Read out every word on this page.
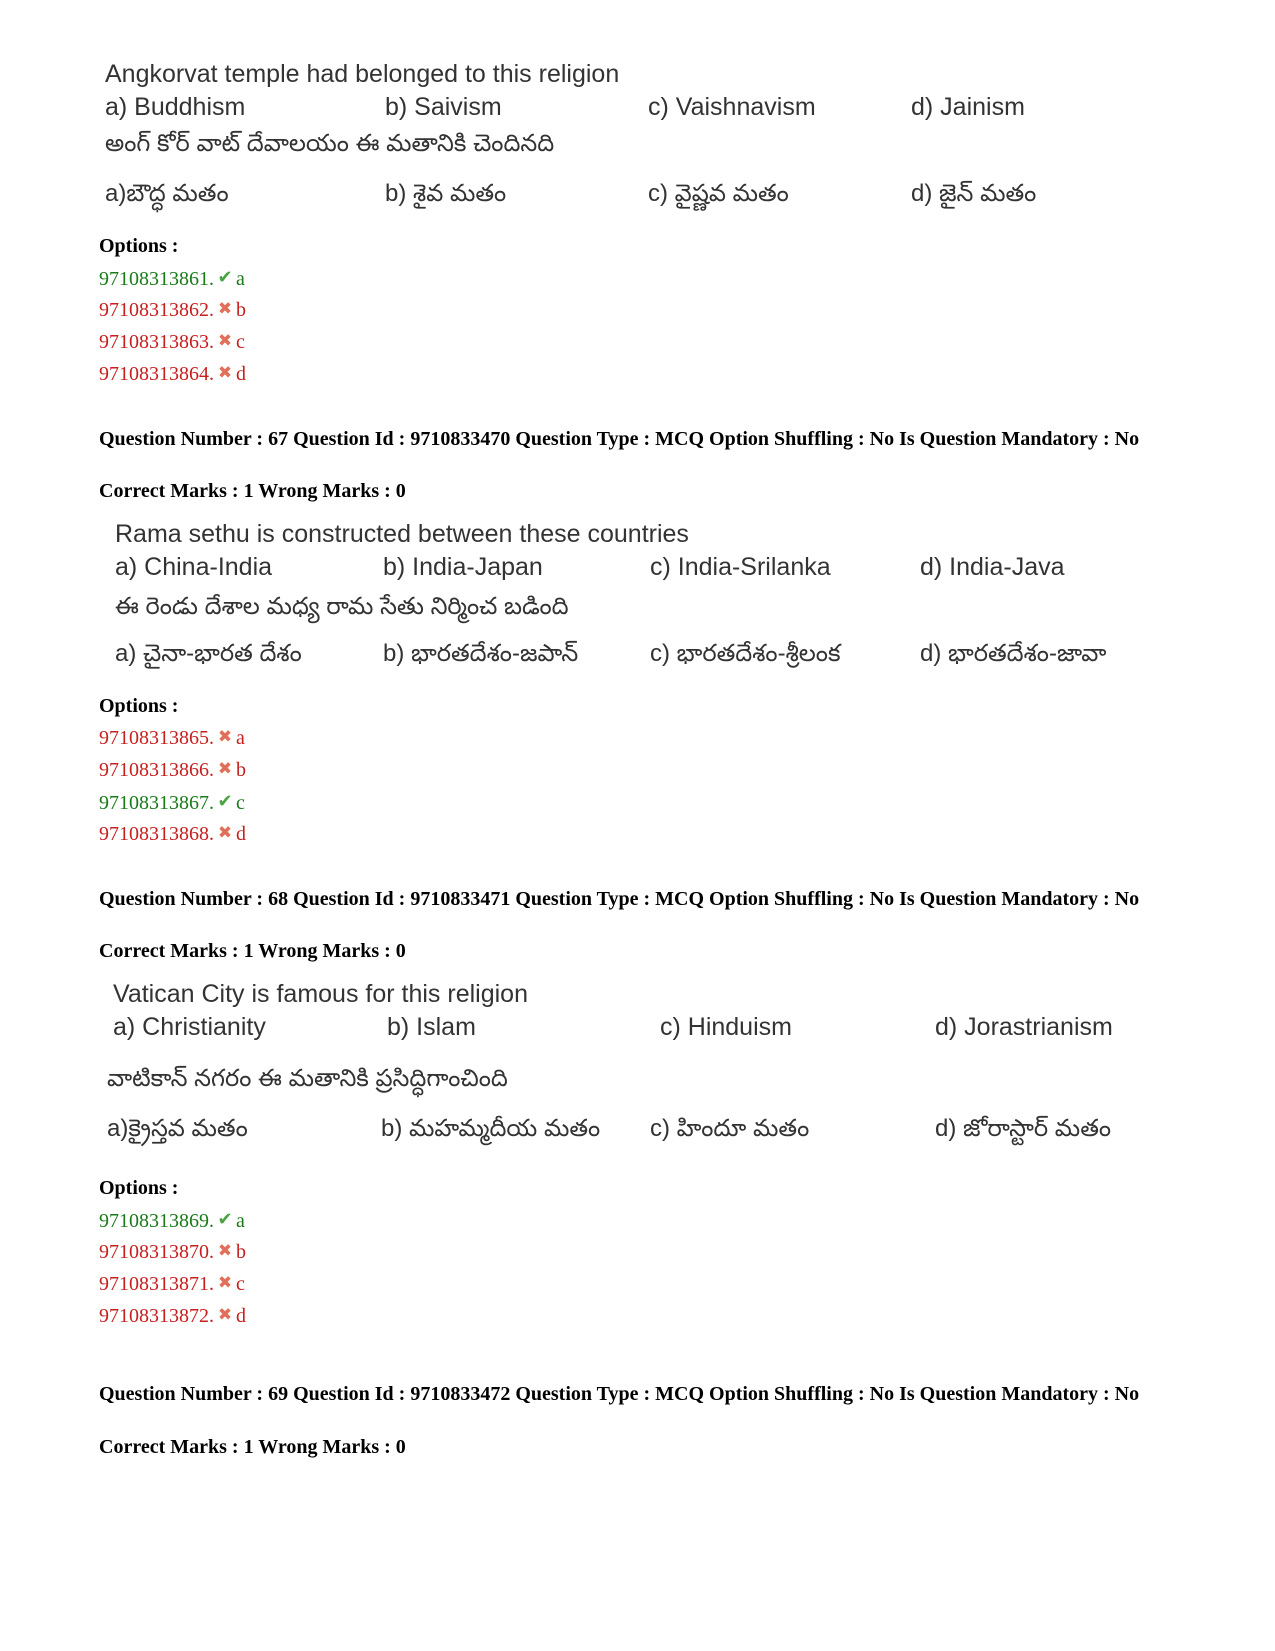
Angkorvat temple had belonged to this religion
a) Buddhism	b) Saivism	c) Vaishnavism	d) Jainism
అంగ్ కోర్ వాట్ దేవాలయం ఈ మతానికి చెందినది
a)బౌద్ధ మతం	b) శైవ మతం	c) వైష్ణవ మతం	d) జైన్ మతం
Options :
97108313861. ✔ a
97108313862. ✖ b
97108313863. ✖ c
97108313864. ✖ d
Question Number : 67 Question Id : 9710833470 Question Type : MCQ Option Shuffling : No Is Question Mandatory : No
Correct Marks : 1 Wrong Marks : 0
Rama sethu is constructed between these countries
a) China-India	b) India-Japan	c) India-Srilanka	d) India-Java
ఈ రెండు దేశాల మధ్య రామ సేతు నిర్మించ బడింది
a) చైనా-భారత దేశం	b) భారతదేశం-జపాన్	c) భారతదేశం-శ్రీలంక	d) భారతదేశం-జావా
Options :
97108313865. ✖ a
97108313866. ✖ b
97108313867. ✔ c
97108313868. ✖ d
Question Number : 68 Question Id : 9710833471 Question Type : MCQ Option Shuffling : No Is Question Mandatory : No
Correct Marks : 1 Wrong Marks : 0
Vatican City is famous for this religion
a) Christianity	b) Islam	c) Hinduism	d) Jorastrianism
వాటికాన్ నగరం ఈ మతానికి ప్రసిద్ధిగాంచింది
a)క్రైస్తవ మతం	b) మహమ్మదీయ మతం c) హిందూ మతం	d) జోరాస్టార్ మతం
Options :
97108313869. ✔ a
97108313870. ✖ b
97108313871. ✖ c
97108313872. ✖ d
Question Number : 69 Question Id : 9710833472 Question Type : MCQ Option Shuffling : No Is Question Mandatory : No
Correct Marks : 1 Wrong Marks : 0
